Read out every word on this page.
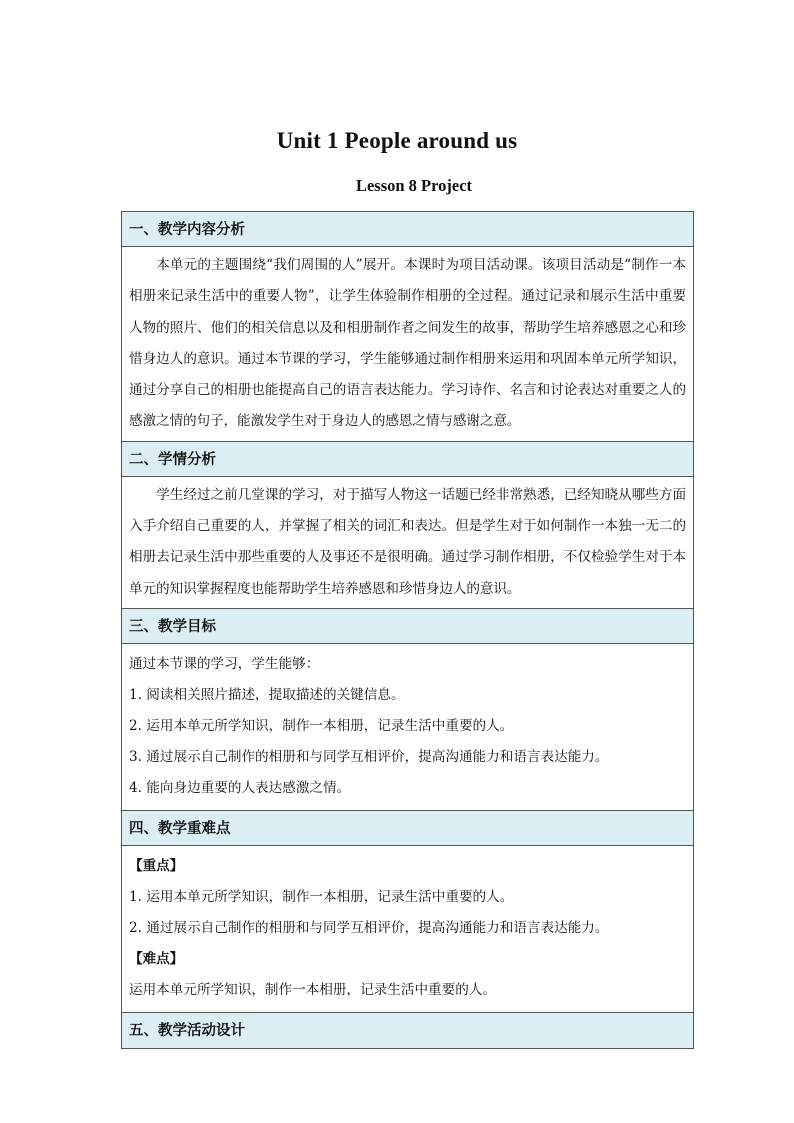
Unit 1 People around us
Lesson 8 Project
一、教学内容分析
本单元的主题围绕“我们周围的人”展开。本课时为项目活动课。该项目活动是“制作一本相册来记录生活中的重要人物”，让学生体验制作相册的全过程。通过记录和展示生活中重要人物的照片、他们的相关信息以及和相册制作者之间发生的故事，帮助学生培养感恩之心和珍惜身边人的意识。通过本节课的学习，学生能够通过制作相册来运用和巩固本单元所学知识，通过分享自己的相册也能提高自己的语言表达能力。学习诗作、名言和讨论表达对重要之人的感激之情的句子，能激发学生对于身边人的感恩之情与感谢之意。
二、学情分析
学生经过之前几堂课的学习，对于描写人物这一话题已经非常熟悉，已经知晓从哪些方面入手介绍自己重要的人，并掌握了相关的词汇和表达。但是学生对于如何制作一本独一无二的相册去记录生活中那些重要的人及事还不是很明确。通过学习制作相册，不仅检验学生对于本单元的知识掌握程度也能帮助学生培养感恩和珍惜身边人的意识。
三、教学目标
通过本节课的学习，学生能够：
1. 阅读相关照片描述，提取描述的关键信息。
2. 运用本单元所学知识，制作一本相册，记录生活中重要的人。
3. 通过展示自己制作的相册和与同学互相评价，提高沟通能力和语言表达能力。
4. 能向身边重要的人表达感激之情。
四、教学重难点
【重点】
1. 运用本单元所学知识，制作一本相册，记录生活中重要的人。
2. 通过展示自己制作的相册和与同学互相评价，提高沟通能力和语言表达能力。
【难点】
运用本单元所学知识，制作一本相册，记录生活中重要的人。
五、教学活动设计
